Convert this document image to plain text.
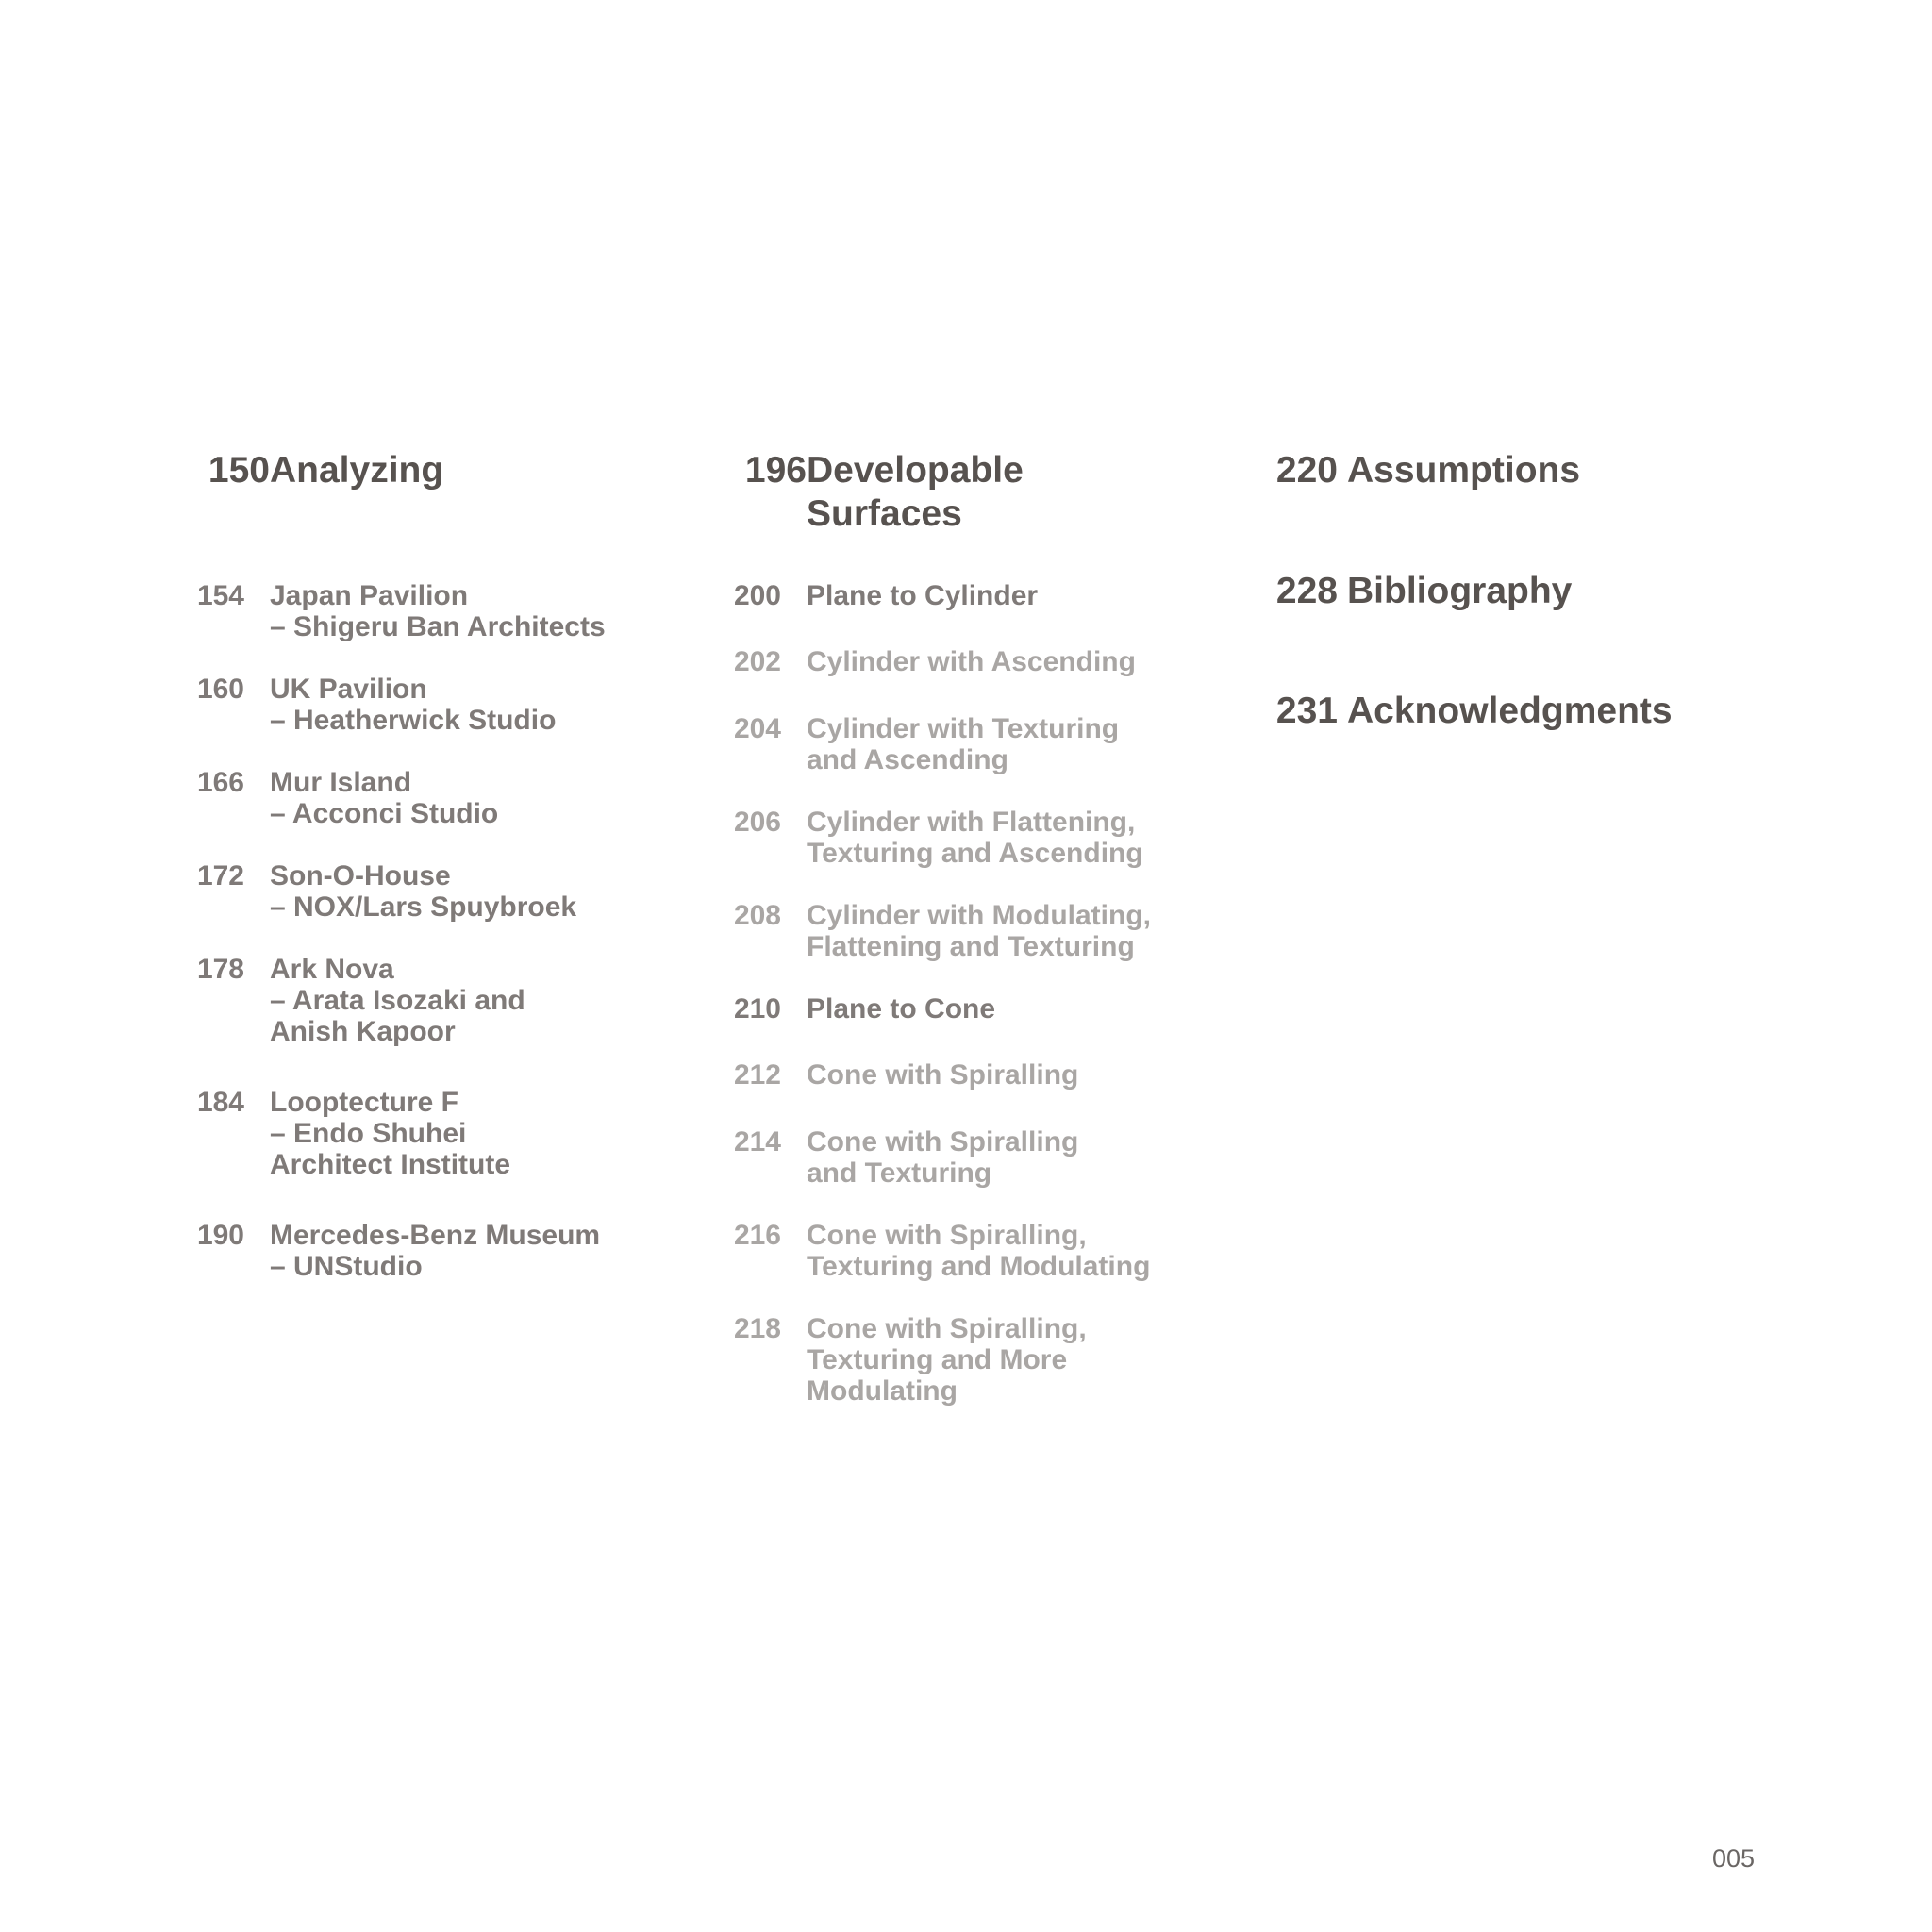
150 Analyzing
154 Japan Pavilion
– Shigeru Ban Architects
160 UK Pavilion
– Heatherwick Studio
166 Mur Island
– Acconci Studio
172 Son-O-House
– NOX/Lars Spuybroek
178 Ark Nova
– Arata Isozaki and
Anish Kapoor
184 Looptecture F
– Endo Shuhei
Architect Institute
190 Mercedes-Benz Museum
– UNStudio
196 Developable
Surfaces
200 Plane to Cylinder
202 Cylinder with Ascending
204 Cylinder with Texturing
and Ascending
206 Cylinder with Flattening,
Texturing and Ascending
208 Cylinder with Modulating,
Flattening and Texturing
210 Plane to Cone
212 Cone with Spiralling
214 Cone with Spiralling
and Texturing
216 Cone with Spiralling,
Texturing and Modulating
218 Cone with Spiralling,
Texturing and More
Modulating
220 Assumptions
228 Bibliography
231 Acknowledgments
005
